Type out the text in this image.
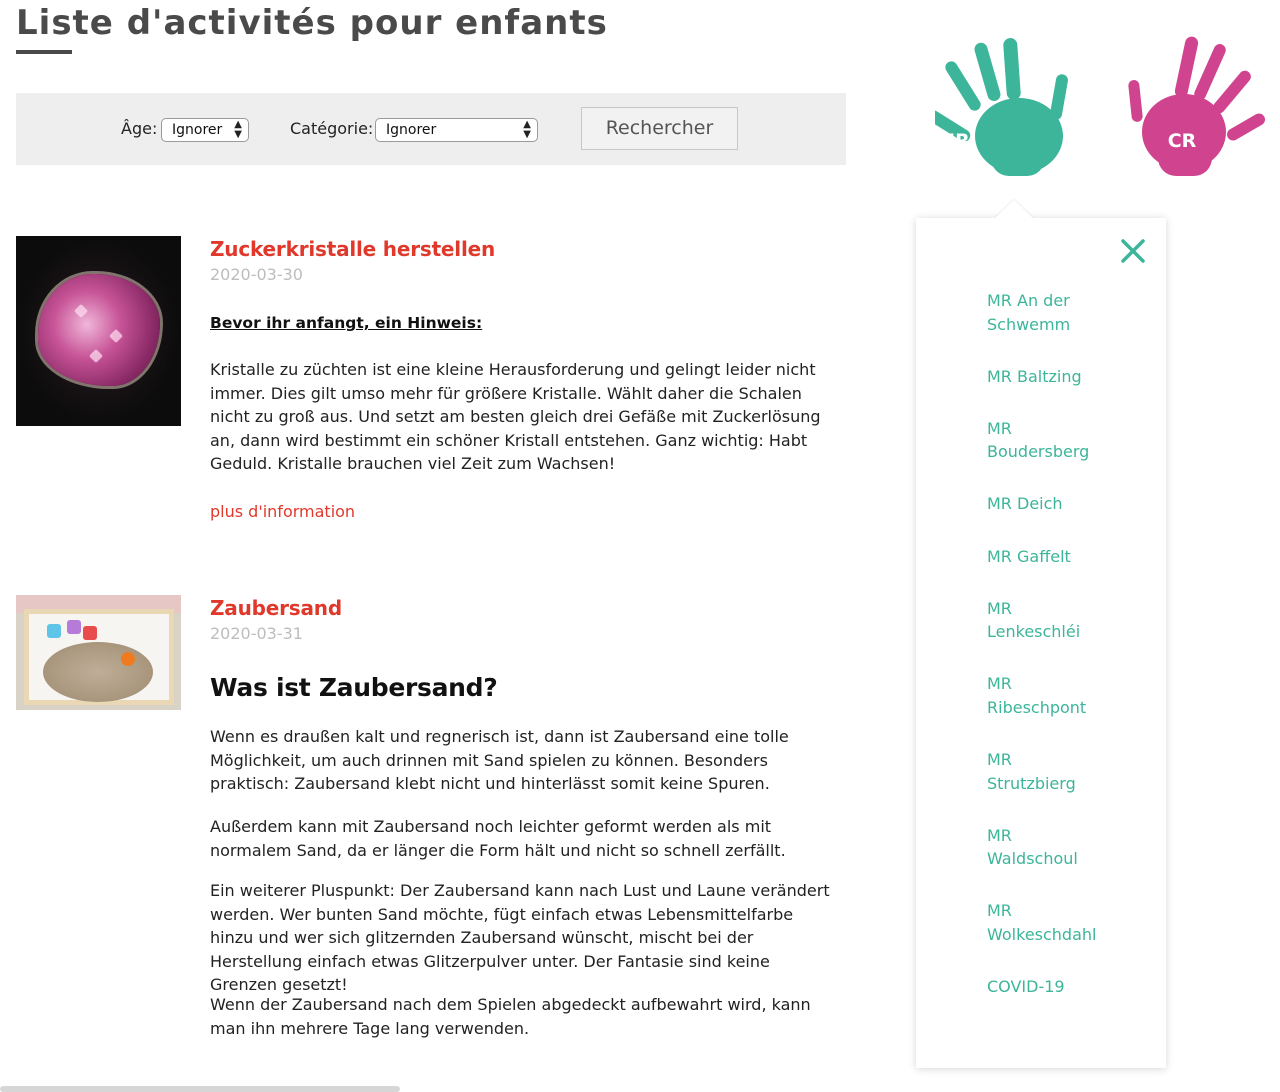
Liste d'activités pour enfants
Âge:	Ignorer ▲
▼	Catégorie: Ignorer	▲
▼	Rechercher
Zuckerkristalle herstellen
2020-03-30
Bevor ihr anfangt, ein Hinweis:

Kristalle zu züchten ist eine kleine Herausforderung und gelingt leider nicht immer. Dies gilt umso mehr für größere Kristalle. Wählt daher die Schalen nicht zu groß aus. Und setzt am besten gleich drei Gefäße mit Zuckerlösung an, dann wird bestimmt ein schöner Kristall entstehen. Ganz wichtig: Habt Geduld. Kristalle brauchen viel Zeit zum Wachsen!

plus d'information
Zaubersand
2020-03-31
Was ist Zaubersand?

Wenn es draußen kalt und regnerisch ist, dann ist Zaubersand eine tolle Möglichkeit, um auch drinnen mit Sand spielen zu können. Besonders praktisch: Zaubersand klebt nicht und hinterlässt somit keine Spuren.

Außerdem kann mit Zaubersand noch leichter geformt werden als mit normalem Sand, da er länger die Form hält und nicht so schnell zerfällt.

Ein weiterer Pluspunkt: Der Zaubersand kann nach Lust und Laune verändert werden. Wer bunten Sand möchte, fügt einfach etwas Lebensmittelfarbe hinzu und wer sich glitzernden Zaubersand wünscht, mischt bei der Herstellung einfach etwas Glitzerpulver unter. Der Fantasie sind keine Grenzen gesetzt!

Wenn der Zaubersand nach dem Spielen abgedeckt aufbewahrt wird, kann man ihn mehrere Tage lang verwenden.

MR	CR
MR An der Schwemm
MR Baltzing
MR Boudersberg
MR Deich
MR Gaffelt
MR Lenkeschléi
MR Ribeschpont
MR Strutzbierg
MR Waldschoul
MR Wolkeschdahl
COVID-19
